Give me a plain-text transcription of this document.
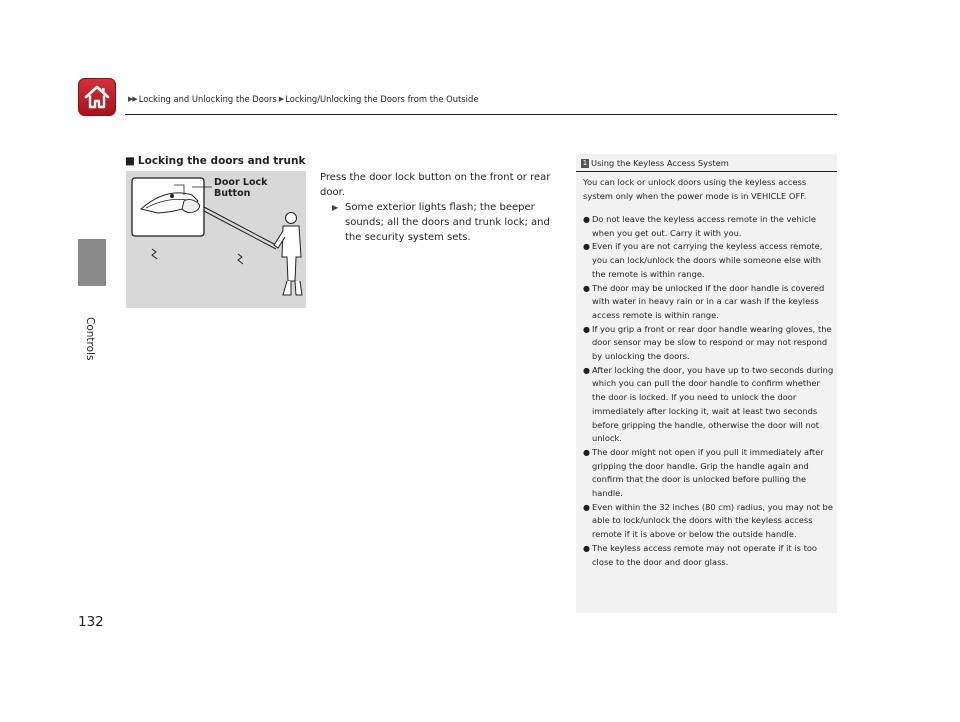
▶▶ Locking and Unlocking the Doors ▶ Locking/Unlocking the Doors from the Outside
Controls
132
■ Locking the doors and trunk
Door Lock
Button

Press the door lock button on the front or rear door.

▶ Some exterior lights flash; the beeper sounds; all the doors and trunk lock; and the security system sets.
1 Using the Keyless Access System
You can lock or unlock doors using the keyless access system only when the power mode is in VEHICLE OFF.
● Do not leave the keyless access remote in the vehicle when you get out. Carry it with you.
● Even if you are not carrying the keyless access remote, you can lock/unlock the doors while someone else with the remote is within range.
● The door may be unlocked if the door handle is covered with water in heavy rain or in a car wash if the keyless access remote is within range.
● If you grip a front or rear door handle wearing gloves, the door sensor may be slow to respond or may not respond by unlocking the doors.
● After locking the door, you have up to two seconds during which you can pull the door handle to confirm whether the door is locked. If you need to unlock the door immediately after locking it, wait at least two seconds before gripping the handle, otherwise the door will not unlock.
● The door might not open if you pull it immediately after gripping the door handle. Grip the handle again and confirm that the door is unlocked before pulling the handle.
● Even within the 32 inches (80 cm) radius, you may not be able to lock/unlock the doors with the keyless access remote if it is above or below the outside handle.
● The keyless access remote may not operate if it is too close to the door and door glass.
